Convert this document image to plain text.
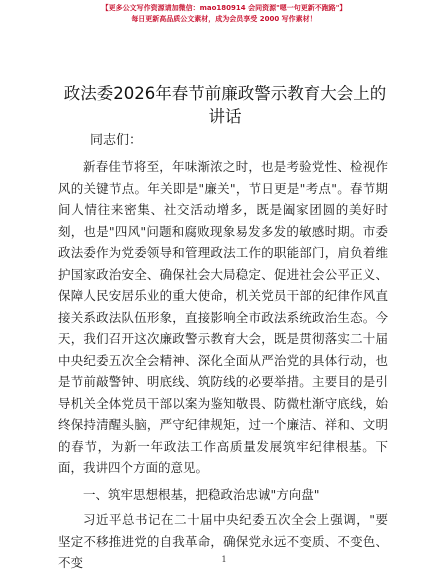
【更多公文写作资源请加微信：mao180914 会同资源"嗯一句更新不跑路"】
每日更新高品质公文素材，成为会员享受 2000 写作素材！
政法委2026年春节前廉政警示教育大会上的讲话
同志们：

新春佳节将至，年味渐浓之时，也是考验党性、检视作风的关键节点。年关即是"廉关"，节日更是"考点"。春节期间人情往来密集、社交活动增多，既是阖家团圆的美好时刻，也是"四风"问题和腐败现象易发多发的敏感时期。市委政法委作为党委领导和管理政法工作的职能部门，肩负着维护国家政治安全、确保社会大局稳定、促进社会公平正义、保障人民安居乐业的重大使命，机关党员干部的纪律作风直接关系政法队伍形象，直接影响全市政法系统政治生态。今天，我们召开这次廉政警示教育大会，既是贯彻落实二十届中央纪委五次全会精神、深化全面从严治党的具体行动，也是节前敲警钟、明底线、筑防线的必要举措。主要目的是引导机关全体党员干部以案为鉴知敬畏、防微杜渐守底线，始终保持清醒头脑，严守纪律规矩，过一个廉洁、祥和、文明的春节，为新一年政法工作高质量发展筑牢纪律根基。下面，我讲四个方面的意见。

一、筑牢思想根基，把稳政治忠诚"方向盘"

习近平总书记在二十届中央纪委五次全会上强调，"要坚定不移推进党的自我革命，确保党永远不变质、不变色、不变	1
